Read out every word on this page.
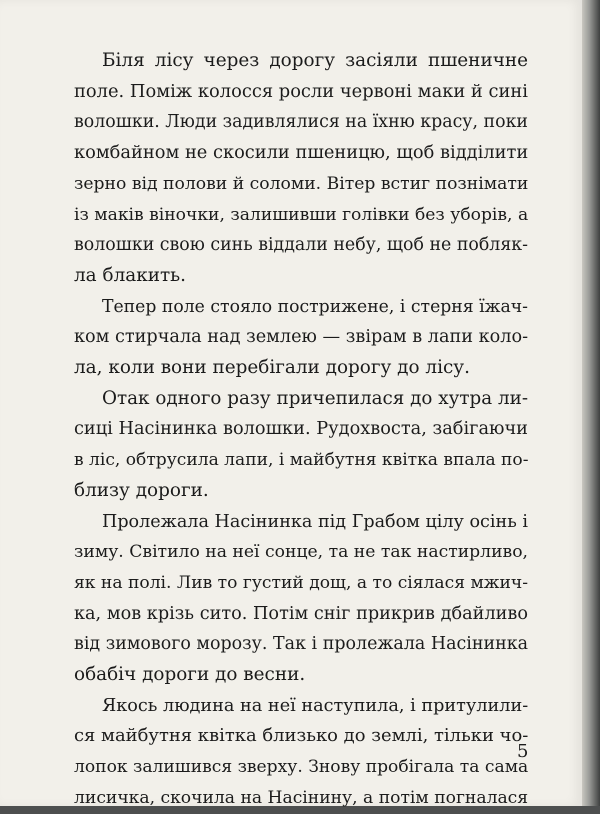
Біля лісу через дорогу засіяли пшеничне
поле. Поміж колосся росли червоні маки й сині
волошки. Люди задивлялися на їхню красу, поки
комбайном не скосили пшеницю, щоб відділити
зерно від полови й соломи. Вітер встиг познімати
із маків віночки, залишивши голівки без уборів, а
волошки свою синь віддали небу, щоб не побляк-
ла блакить.
Тепер поле стояло пострижене, і стерня їжач-
ком стирчала над землею — звірам в лапи коло-
ла, коли вони перебігали дорогу до лісу.
Отак одного разу причепилася до хутра ли-
сиці Насінинка волошки. Рудохвоста, забігаючи
в ліс, обтрусила лапи, і майбутня квітка впала по-
близу дороги.
Пролежала Насінинка під Грабом цілу осінь і
зиму. Світило на неї сонце, та не так настирливо,
як на полі. Лив то густий дощ, а то сіялася мжич-
ка, мов крізь сито. Потім сніг прикрив дбайливо
від зимового морозу. Так і пролежала Насінинка
обабіч дороги до весни.
Якось людина на неї наступила, і притулили-
ся майбутня квітка близько до землі, тільки чо-
лопок залишився зверху. Знову пробігала та сама
лисичка, скочила на Насінину, а потім погналася
5
